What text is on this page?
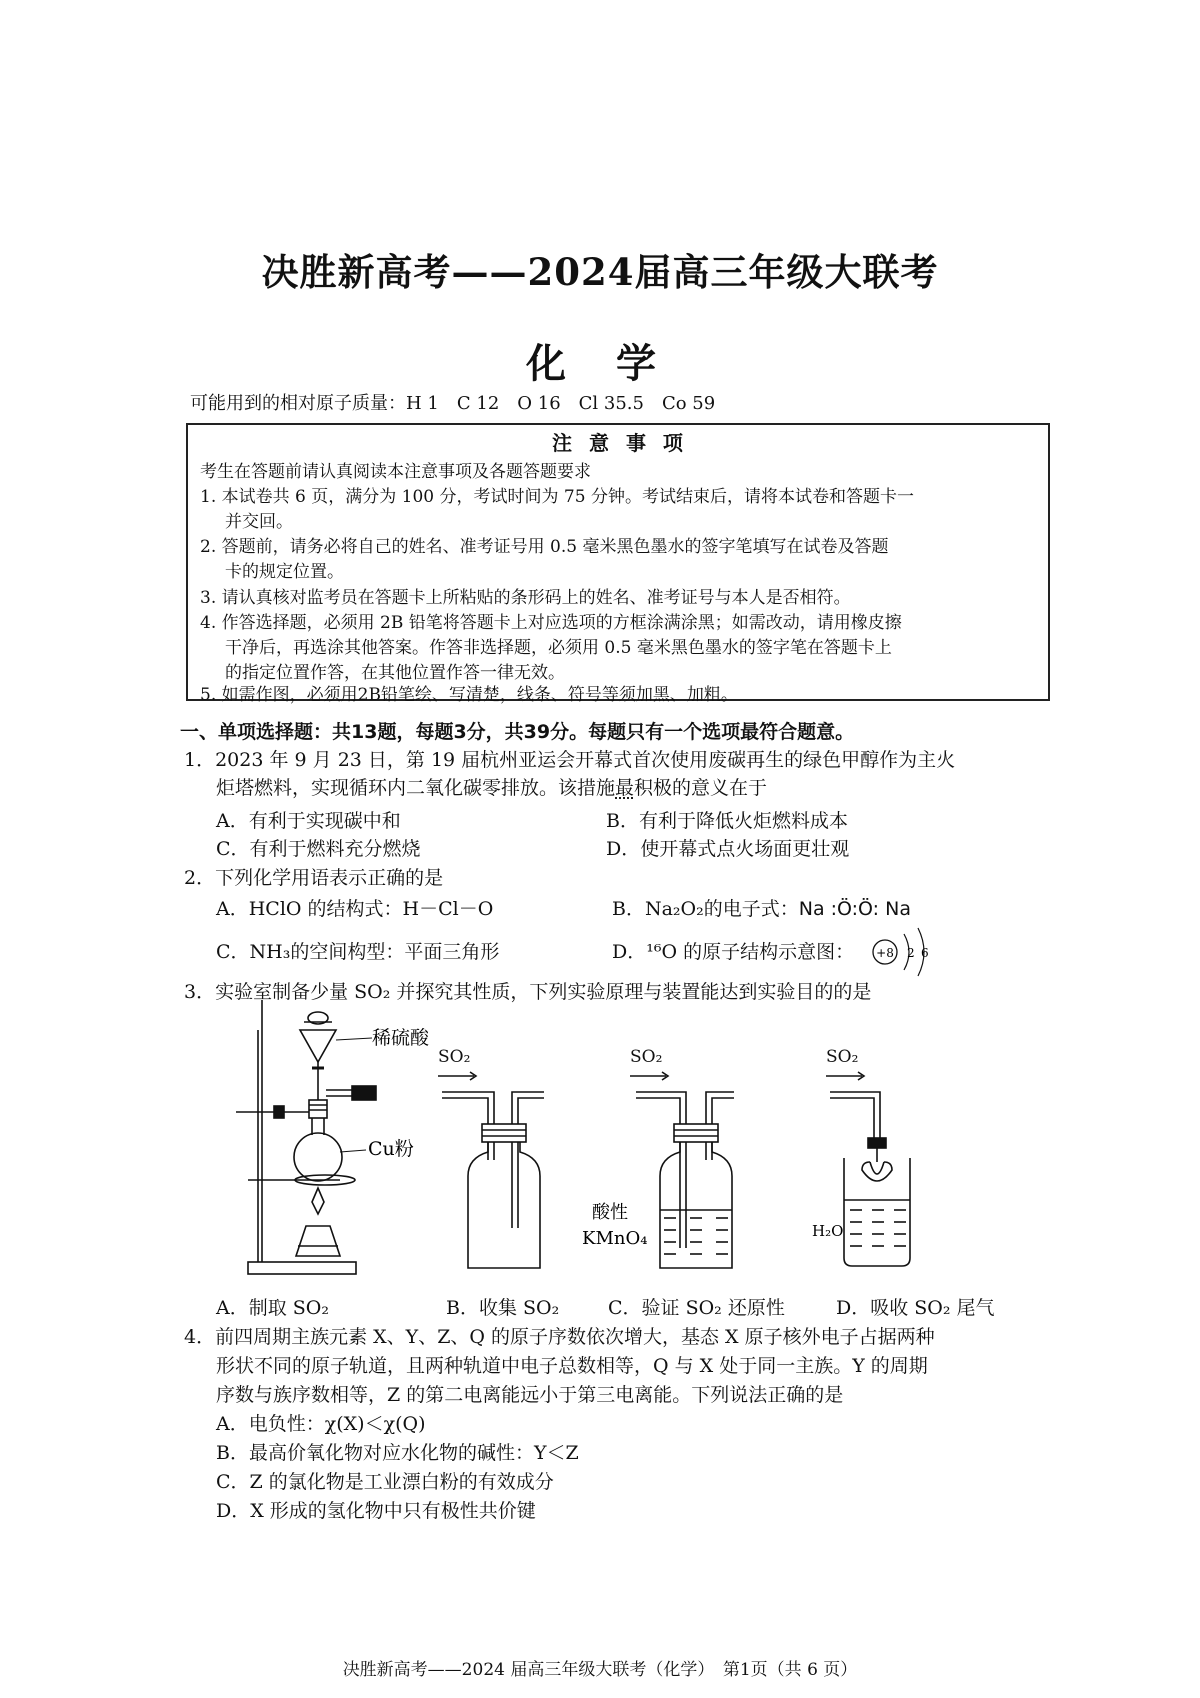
决胜新高考——2024届高三年级大联考
化 学
可能用到的相对原子质量：H 1　C 12　O 16　Cl 35.5　Co 59
注 意 事 项
考生在答题前请认真阅读本注意事项及各题答题要求
1. 本试卷共 6 页，满分为 100 分，考试时间为 75 分钟。考试结束后，请将本试卷和答题卡一
并交回。
2. 答题前，请务必将自己的姓名、准考证号用 0.5 毫米黑色墨水的签字笔填写在试卷及答题
卡的规定位置。
3. 请认真核对监考员在答题卡上所粘贴的条形码上的姓名、准考证号与本人是否相符。
4. 作答选择题，必须用 2B 铅笔将答题卡上对应选项的方框涂满涂黑；如需改动，请用橡皮擦
干净后，再选涂其他答案。作答非选择题，必须用 0.5 毫米黑色墨水的签字笔在答题卡上
的指定位置作答，在其他位置作答一律无效。
5. 如需作图，必须用2B铅笔绘、写清楚，线条、符号等须加黑、加粗。
一、单项选择题：共13题，每题3分，共39分。每题只有一个选项最符合题意。
1．2023 年 9 月 23 日，第 19 届杭州亚运会开幕式首次使用废碳再生的绿色甲醇作为主火
炬塔燃料，实现循环内二氧化碳零排放。该措施最积极的意义在于
A．有利于实现碳中和	B．有利于降低火炬燃料成本
C．有利于燃料充分燃烧	D．使开幕式点火场面更壮观
2．下列化学用语表示正确的是
A．HClO 的结构式：H－Cl－O	B．Na₂O₂的电子式：Na :Ö:Ö: Na
C．NH₃的空间构型：平面三角形	D．¹⁶O 的原子结构示意图： +8 2 6
3．实验室制备少量 SO₂ 并探究其性质，下列实验原理与装置能达到实验目的的是
稀硫酸
Cu粉
SO₂	SO₂
酸性
KMnO₄
SO₂
H₂O
A．制取 SO₂	B．收集 SO₂	C．验证 SO₂ 还原性	D．吸收 SO₂ 尾气
4．前四周期主族元素 X、Y、Z、Q 的原子序数依次增大，基态 X 原子核外电子占据两种
形状不同的原子轨道，且两种轨道中电子总数相等，Q 与 X 处于同一主族。Y 的周期
序数与族序数相等，Z 的第二电离能远小于第三电离能。下列说法正确的是
A．电负性：χ(X)＜χ(Q)
B．最高价氧化物对应水化物的碱性：Y＜Z
C．Z 的氯化物是工业漂白粉的有效成分
D．X 形成的氢化物中只有极性共价键
决胜新高考——2024 届高三年级大联考（化学）　第1页（共 6 页）
